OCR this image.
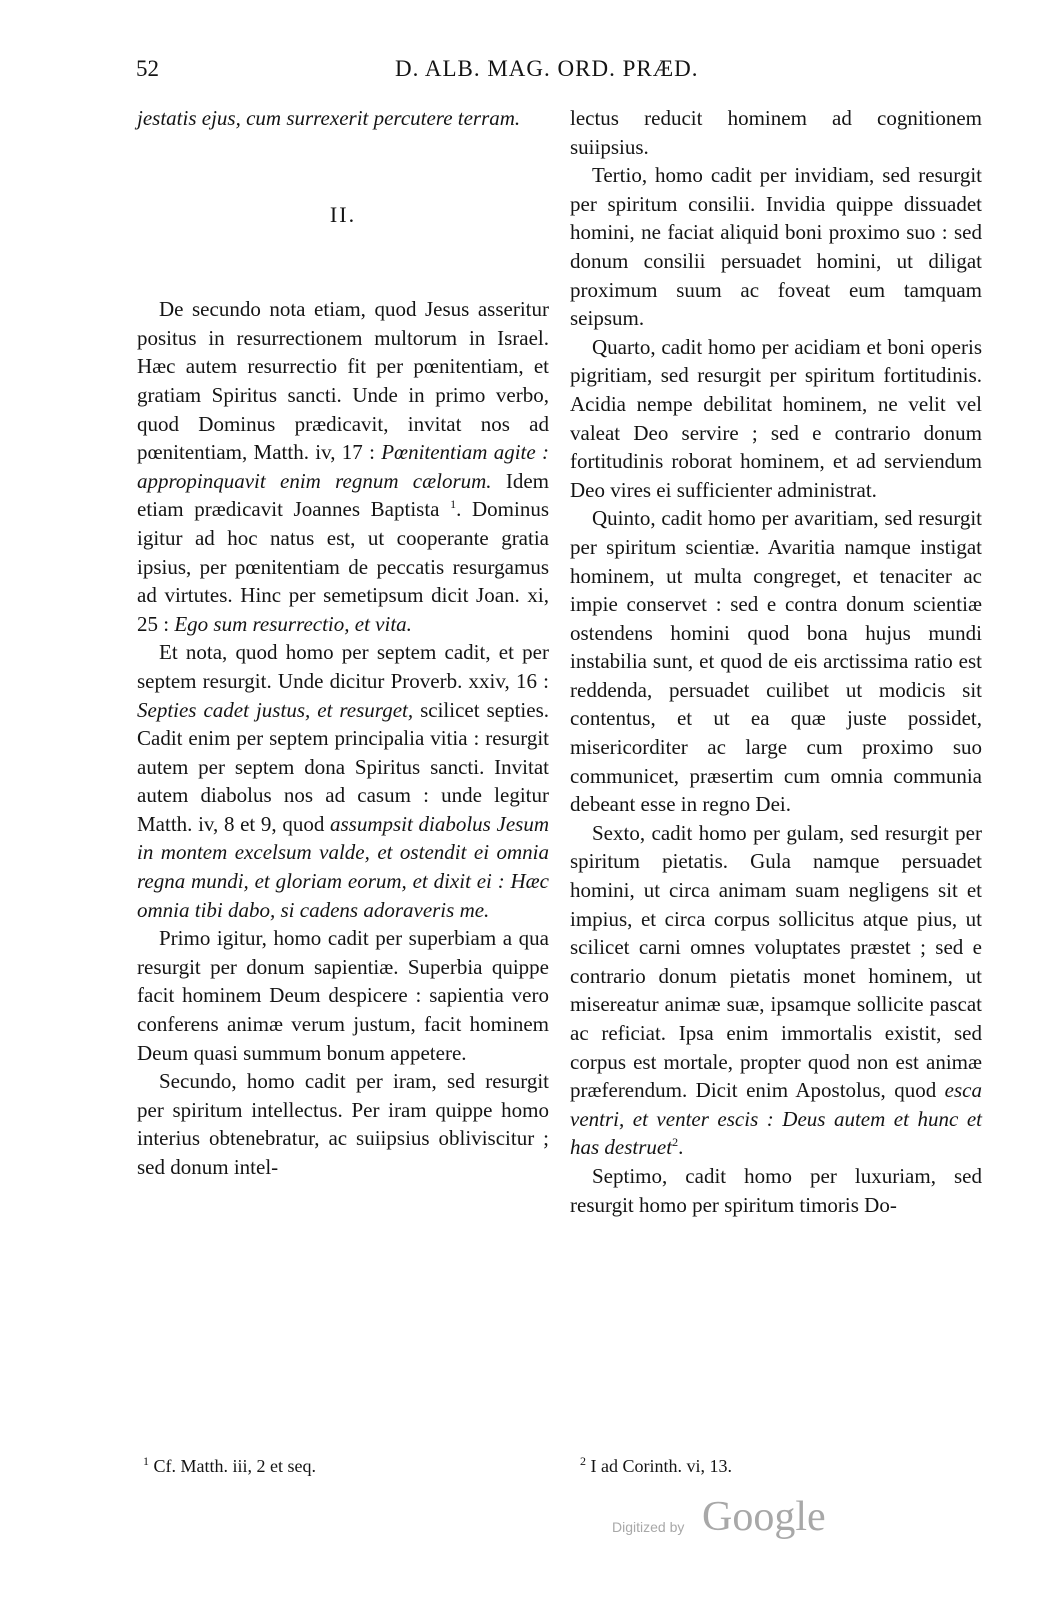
52	D. ALB. MAG. ORD. PRÆD.

jestatis ejus, cum surrexerit percutere terram.

II.

De secundo nota etiam, quod Jesus asseritur positus in resurrectionem multorum in Israel. Hæc autem resurrectio fit per pœnitentiam, et gratiam Spiritus sancti. Unde in primo verbo, quod Dominus prædicavit, invitat nos ad pœnitentiam, Matth. iv, 17 : Pœnitentiam agite : appropinquavit enim regnum cælorum. Idem etiam prædicavit Joannes Baptista $^1$. Dominus igitur ad hoc natus est, ut cooperante gratia ipsius, per pœnitentiam de peccatis resurgamus ad virtutes. Hinc per semetipsum dicit Joan. xi, 25 : Ego sum resurrectio, et vita.

Et nota, quod homo per septem cadit, et per septem resurgit. Unde dicitur Proverb. xxiv, 16 : Septies cadet justus, et resurget, scilicet septies. Cadit enim per septem principalia vitia : resurgit autem per septem dona Spiritus sancti. Invitat autem diabolus nos ad casum : unde legitur Matth. iv, 8 et 9, quod assumpsit diabolus Jesum in montem excelsum valde, et ostendit ei omnia regna mundi, et gloriam eorum, et dixit ei : Hæc omnia tibi dabo, si cadens adoraveris me.

Primo igitur, homo cadit per superbiam a qua resurgit per donum sapientiæ. Superbia quippe facit hominem Deum despicere : sapientia vero conferens animæ verum justum, facit hominem Deum quasi summum bonum appetere.

Secundo, homo cadit per iram, sed resurgit per spiritum intellectus. Per iram quippe homo interius obtenebratur, ac suiipsius obliviscitur ; sed donum intel-

lectus reducit hominem ad cognitionem suiipsius.

Tertio, homo cadit per invidiam, sed resurgit per spiritum consilii. Invidia quippe dissuadet homini, ne faciat aliquid boni proximo suo : sed donum consilii persuadet homini, ut diligat proximum suum ac foveat eum tamquam seipsum.

Quarto, cadit homo per acidiam et boni operis pigritiam, sed resurgit per spiritum fortitudinis. Acidia nempe debilitat hominem, ne velit vel valeat Deo servire ; sed e contrario donum fortitudinis roborat hominem, et ad serviendum Deo vires ei sufficienter administrat.

Quinto, cadit homo per avaritiam, sed resurgit per spiritum scientiæ. Avaritia namque instigat hominem, ut multa congreget, et tenaciter ac impie conservet : sed e contra donum scientiæ ostendens homini quod bona hujus mundi instabilia sunt, et quod de eis arctissima ratio est reddenda, persuadet cuilibet ut modicis sit contentus, et ut ea quæ juste possidet, misericorditer ac large cum proximo suo communicet, præsertim cum omnia communia debeant esse in regno Dei.

Sexto, cadit homo per gulam, sed resurgit per spiritum pietatis. Gula namque persuadet homini, ut circa animam suam negligens sit et impius, et circa corpus sollicitus atque pius, ut scilicet carni omnes voluptates præstet ; sed e contrario donum pietatis monet hominem, ut misereatur animæ suæ, ipsamque sollicite pascat ac reficiat. Ipsa enim immortalis existit, sed corpus est mortale, propter quod non est animæ præferendum. Dicit enim Apostolus, quod esca ventri, et venter escis : Deus autem et hunc et has destruet$^2$.

Septimo, cadit homo per luxuriam, sed resurgit homo per spiritum timoris Do-

$^1$ Cf. Matth. iii, 2 et seq.	$^2$ I ad Corinth. vi, 13.
Digitized by Google
